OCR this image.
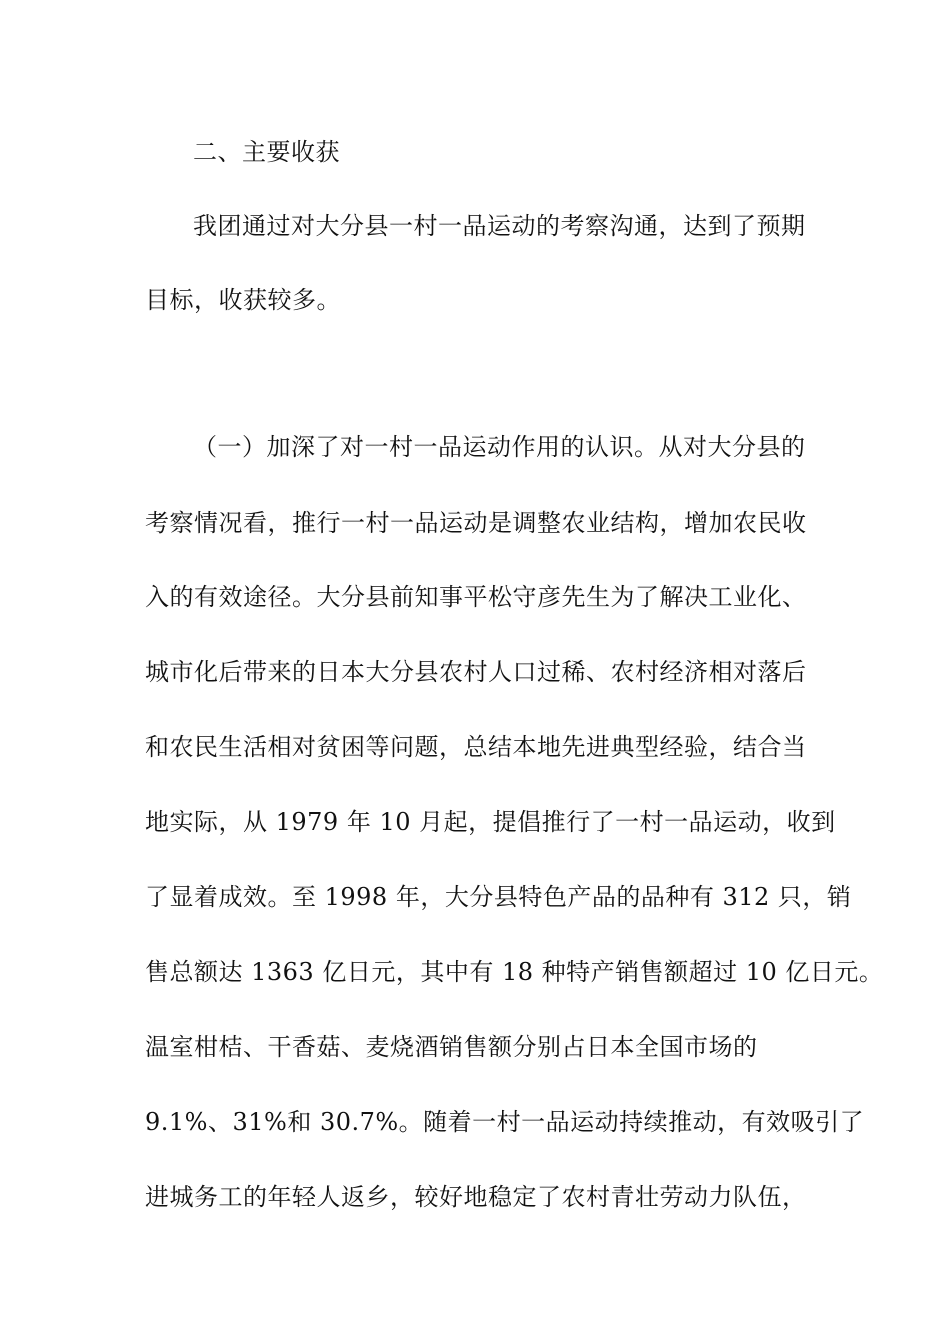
二、主要收获
我团通过对大分县一村一品运动的考察沟通，达到了预期
目标，收获较多。
（一）加深了对一村一品运动作用的认识。从对大分县的
考察情况看，推行一村一品运动是调整农业结构，增加农民收
入的有效途径。大分县前知事平松守彦先生为了解决工业化、
城市化后带来的日本大分县农村人口过稀、农村经济相对落后
和农民生活相对贫困等问题，总结本地先进典型经验，结合当
地实际，从 1979 年 10 月起，提倡推行了一村一品运动，收到
了显着成效。至 1998 年，大分县特色产品的品种有 312 只，销
售总额达 1363 亿日元，其中有 18 种特产销售额超过 10 亿日元。
温室柑桔、干香菇、麦烧酒销售额分别占日本全国市场的
9.1%、31%和 30.7%。随着一村一品运动持续推动，有效吸引了
进城务工的年轻人返乡，较好地稳定了农村青壮劳动力队伍，
